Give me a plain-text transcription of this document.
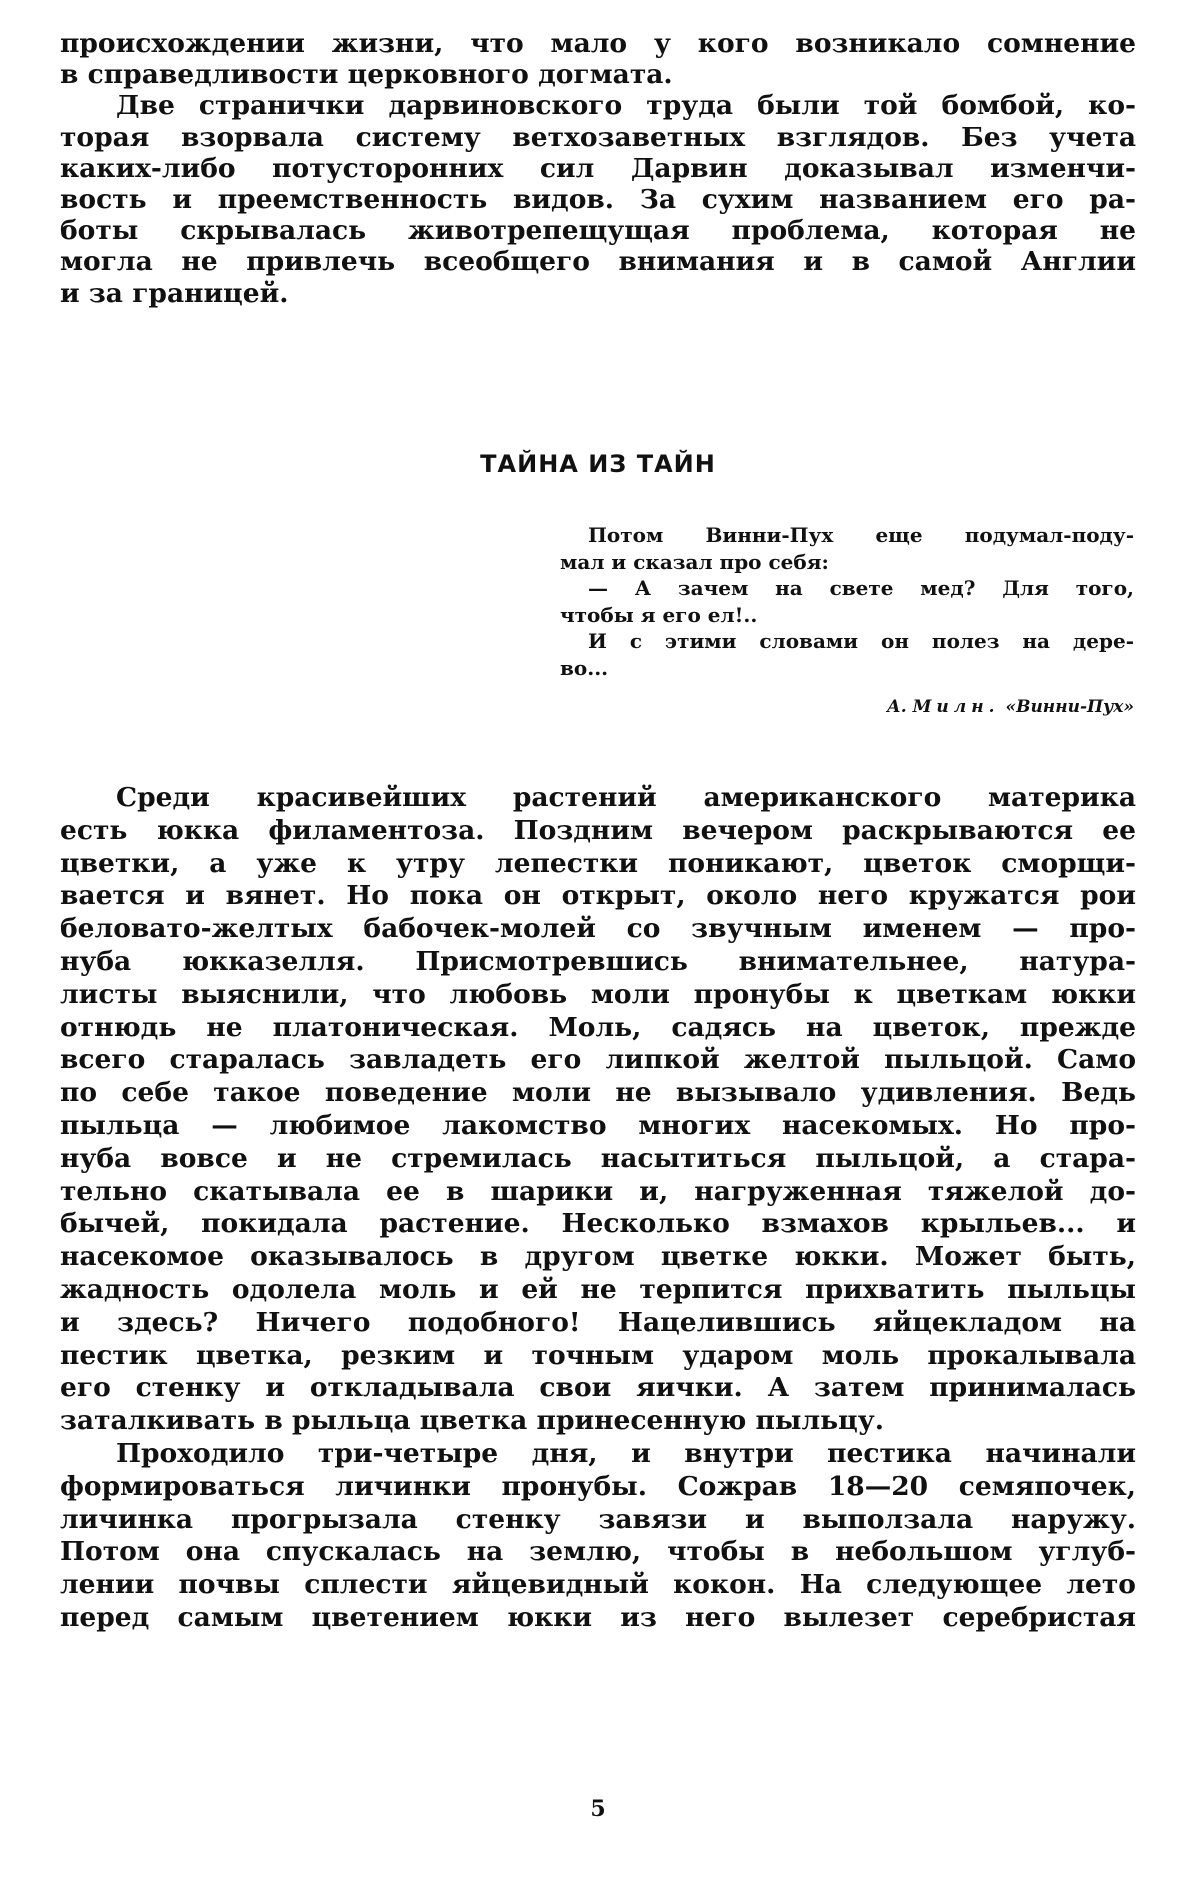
происхождении жизни, что мало у кого возникало сомнение
в справедливости церковного догмата.
Две странички дарвиновского труда были той бомбой, ко-
торая взорвала систему ветхозаветных взглядов. Без учета
каких-либо потусторонних сил Дарвин доказывал изменчи-
вость и преемственность видов. За сухим названием его ра-
боты скрывалась животрепещущая проблема, которая не
могла не привлечь всеобщего внимания и в самой Англии
и за границей.
ТАЙНА ИЗ ТАЙН
Потом Винни-Пух еще подумал-поду-
мал и сказал про себя:
— А зачем на свете мед? Для того,
чтобы я его ел!..
И с этими словами он полез на дере-
во...
А. Милн. «Винни-Пух»
Среди красивейших растений американского материка
есть юкка филаментоза. Поздним вечером раскрываются ее
цветки, а уже к утру лепестки поникают, цветок сморщи-
вается и вянет. Но пока он открыт, около него кружатся рои
беловато-желтых бабочек-молей со звучным именем — про-
нуба юкказелля. Присмотревшись внимательнее, натура-
листы выяснили, что любовь моли пронубы к цветкам юкки
отнюдь не платоническая. Моль, садясь на цветок, прежде
всего старалась завладеть его липкой желтой пыльцой. Само
по себе такое поведение моли не вызывало удивления. Ведь
пыльца — любимое лакомство многих насекомых. Но про-
нуба вовсе и не стремилась насытиться пыльцой, а стара-
тельно скатывала ее в шарики и, нагруженная тяжелой до-
бычей, покидала растение. Несколько взмахов крыльев... и
насекомое оказывалось в другом цветке юкки. Может быть,
жадность одолела моль и ей не терпится прихватить пыльцы
и здесь? Ничего подобного! Нацелившись яйцекладом на
пестик цветка, резким и точным ударом моль прокалывала
его стенку и откладывала свои яички. А затем принималась
заталкивать в рыльца цветка принесенную пыльцу.
Проходило три-четыре дня, и внутри пестика начинали
формироваться личинки пронубы. Сожрав 18—20 семяпочек,
личинка прогрызала стенку завязи и выползала наружу.
Потом она спускалась на землю, чтобы в небольшом углуб-
лении почвы сплести яйцевидный кокон. На следующее лето
перед самым цветением юкки из него вылезет серебристая
5
